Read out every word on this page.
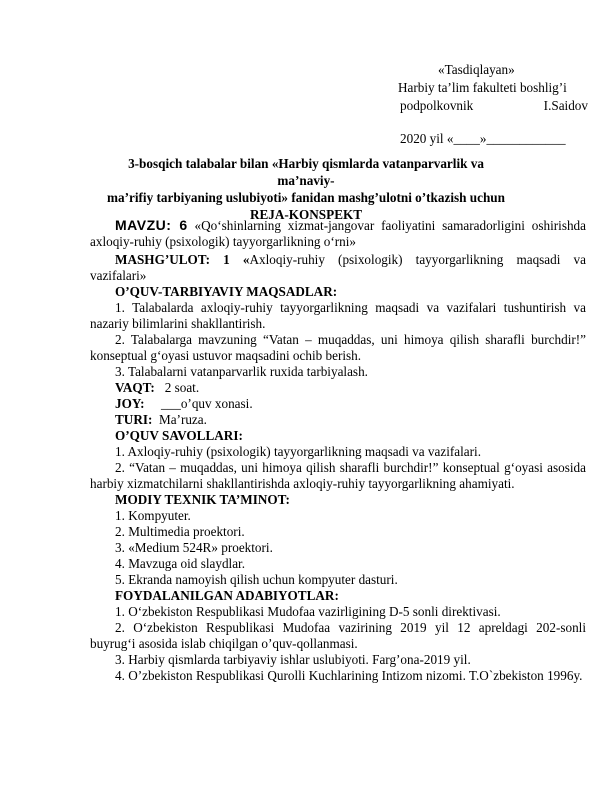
«Tasdiqlayan»
Harbiy ta’lim fakulteti boshlig’i
podpolkovnik	I.Saidov
2020 yil «____»____________
3-bosqich talabalar bilan «Harbiy qismlarda vatanparvarlik va ma’naviy-
ma’rifiy tarbiyaning uslubiyoti» fanidan mashg’ulotni o’tkazish uchun
REJA-KONSPEKT

MAVZU: 6 «Qo‘shinlarning xizmat-jangovar faoliyatini samaradorligini oshirishda axloqiy-ruhiy (psixologik) tayyorgarlikning o‘rni»

MASHG’ULOT: 1 «Axloqiy-ruhiy (psixologik) tayyorgarlikning maqsadi va vazifalari»

O’QUV-TARBIYAVIY MAQSADLAR:

1. Talabalarda axloqiy-ruhiy tayyorgarlikning maqsadi va vazifalari tushuntirish va nazariy bilimlarini shakllantirish.

2. Talabalarga mavzuning “Vatan – muqaddas, uni himoya qilish sharafli burchdir!” konseptual g‘oyasi ustuvor maqsadini ochib berish.

3. Talabalarni vatanparvarlik ruxida tarbiyalash.

VAQT: 2 soat.

JOY: ___o’quv xonasi.

TURI: Ma’ruza.

O’QUV SAVOLLARI:

1. Axloqiy-ruhiy (psixologik) tayyorgarlikning maqsadi va vazifalari.

2. “Vatan – muqaddas, uni himoya qilish sharafli burchdir!” konseptual g‘oyasi asosida harbiy xizmatchilarni shakllantirishda axloqiy-ruhiy tayyorgarlikning ahamiyati.

MODIY TEXNIK TA’MINOT:

1. Kompyuter.

2. Multimedia proektori.

3. «Medium 524R» proektori.

4. Mavzuga oid slaydlar.

5. Ekranda namoyish qilish uchun kompyuter dasturi.

FOYDALANILGAN ADABIYOTLAR:

1. O‘zbekiston Respublikasi Mudofaa vazirligining D-5 sonli direktivasi.

2. O‘zbekiston Respublikasi Mudofaa vazirining 2019 yil 12 apreldagi 202-sonli buyrug‘i asosida islab chiqilgan o’quv-qollanmasi.

3. Harbiy qismlarda tarbiyaviy ishlar uslubiyoti. Farg’ona-2019 yil.

4. O’zbekiston Respublikasi Qurolli Kuchlarining Intizom nizomi. T.O`zbekiston 1996y.
